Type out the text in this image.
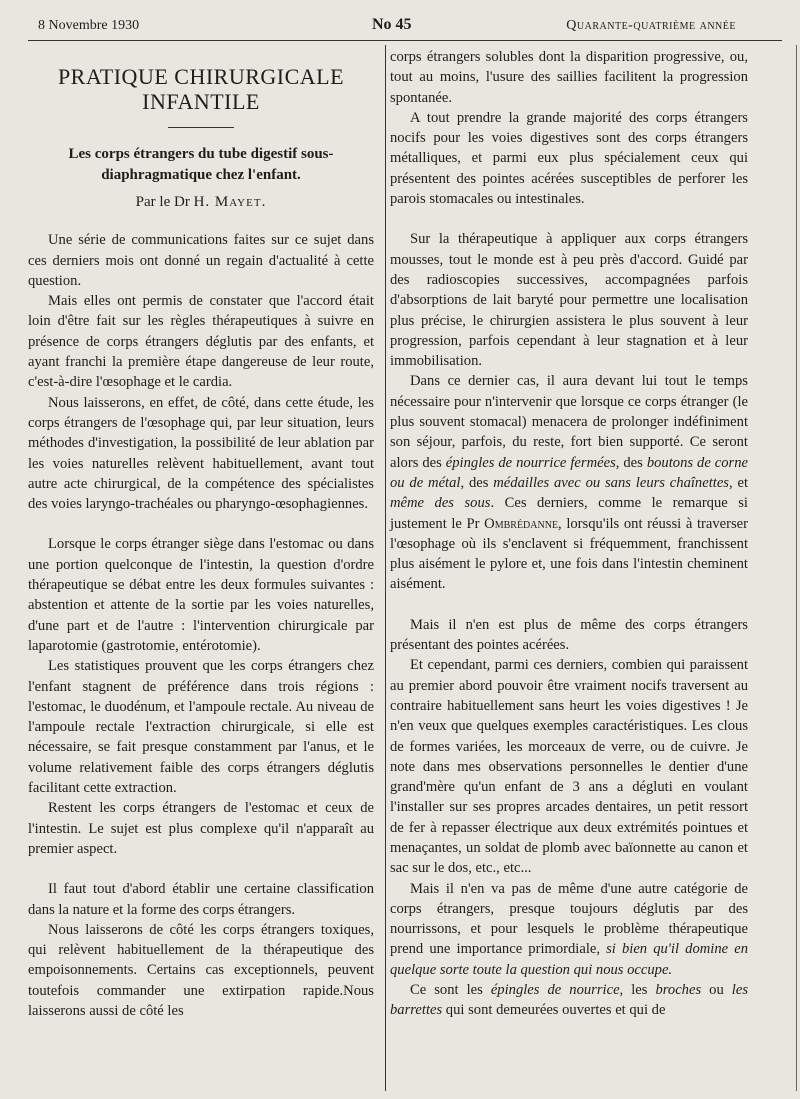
8 Novembre 1930	No 45	Quarante-quatrième année
PRATIQUE CHIRURGICALE
INFANTILE
Les corps étrangers du tube digestif sous-diaphragmatique chez l'enfant.
Par le Dr H. Mayet.

Une série de communications faites sur ce sujet dans ces derniers mois ont donné un regain d'actualité à cette question.

Mais elles ont permis de constater que l'accord était loin d'être fait sur les règles thérapeutiques à suivre en présence de corps étrangers déglutis par des enfants, et ayant franchi la première étape dangereuse de leur route, c'est-à-dire l'œsophage et le cardia.

Nous laisserons, en effet, de côté, dans cette étude, les corps étrangers de l'œsophage qui, par leur situation, leurs méthodes d'investigation, la possibilité de leur ablation par les voies naturelles relèvent habituellement, avant tout autre acte chirurgical, de la compétence des spécialistes des voies laryngo-trachéales ou pharyngo-œsophagiennes.

Lorsque le corps étranger siège dans l'estomac ou dans une portion quelconque de l'intestin, la question d'ordre thérapeutique se débat entre les deux formules suivantes : abstention et attente de la sortie par les voies naturelles, d'une part et de l'autre : l'intervention chirurgicale par laparotomie (gastrotomie, entérotomie).

Les statistiques prouvent que les corps étrangers chez l'enfant stagnent de préférence dans trois régions : l'estomac, le duodénum, et l'ampoule rectale. Au niveau de l'ampoule rectale l'extraction chirurgicale, si elle est nécessaire, se fait presque constamment par l'anus, et le volume relativement faible des corps étrangers déglutis facilitant cette extraction.

Restent les corps étrangers de l'estomac et ceux de l'intestin. Le sujet est plus complexe qu'il n'apparaît au premier aspect.

Il faut tout d'abord établir une certaine classification dans la nature et la forme des corps étrangers.

Nous laisserons de côté les corps étrangers toxiques, qui relèvent habituellement de la thérapeutique des empoisonnements. Certains cas exceptionnels, peuvent toutefois commander une extirpation rapide.Nous laisserons aussi de côté les

corps étrangers solubles dont la disparition progressive, ou, tout au moins, l'usure des saillies facilitent la progression spontanée.

A tout prendre la grande majorité des corps étrangers nocifs pour les voies digestives sont des corps étrangers métalliques, et parmi eux plus spécialement ceux qui présentent des pointes acérées susceptibles de perforer les parois stomacales ou intestinales.

Sur la thérapeutique à appliquer aux corps étrangers mousses, tout le monde est à peu près d'accord. Guidé par des radioscopies successives, accompagnées parfois d'absorptions de lait baryté pour permettre une localisation plus précise, le chirurgien assistera le plus souvent à leur progression, parfois cependant à leur stagnation et à leur immobilisation.

Dans ce dernier cas, il aura devant lui tout le temps nécessaire pour n'intervenir que lorsque ce corps étranger (le plus souvent stomacal) menacera de prolonger indéfiniment son séjour, parfois, du reste, fort bien supporté. Ce seront alors des épingles de nourrice fermées, des boutons de corne ou de métal, des médailles avec ou sans leurs chaînettes, et même des sous. Ces derniers, comme le remarque si justement le Pr Ombrédanne, lorsqu'ils ont réussi à traverser l'œsophage où ils s'enclavent si fréquemment, franchissent plus aisément le pylore et, une fois dans l'intestin cheminent aisément.

Mais il n'en est plus de même des corps étrangers présentant des pointes acérées.

Et cependant, parmi ces derniers, combien qui paraissent au premier abord pouvoir être vraiment nocifs traversent au contraire habituellement sans heurt les voies digestives ! Je n'en veux que quelques exemples caractéristiques. Les clous de formes variées, les morceaux de verre, ou de cuivre. Je note dans mes observations personnelles le dentier d'une grand'mère qu'un enfant de 3 ans a dégluti en voulant l'installer sur ses propres arcades dentaires, un petit ressort de fer à repasser électrique aux deux extrémités pointues et menaçantes, un soldat de plomb avec baïonnette au canon et sac sur le dos, etc., etc...

Mais il n'en va pas de même d'une autre catégorie de corps étrangers, presque toujours déglutis par des nourrissons, et pour lesquels le problème thérapeutique prend une importance primordiale, si bien qu'il domine en quelque sorte toute la question qui nous occupe.

Ce sont les épingles de nourrice, les broches ou les barrettes qui sont demeurées ouvertes et qui de
